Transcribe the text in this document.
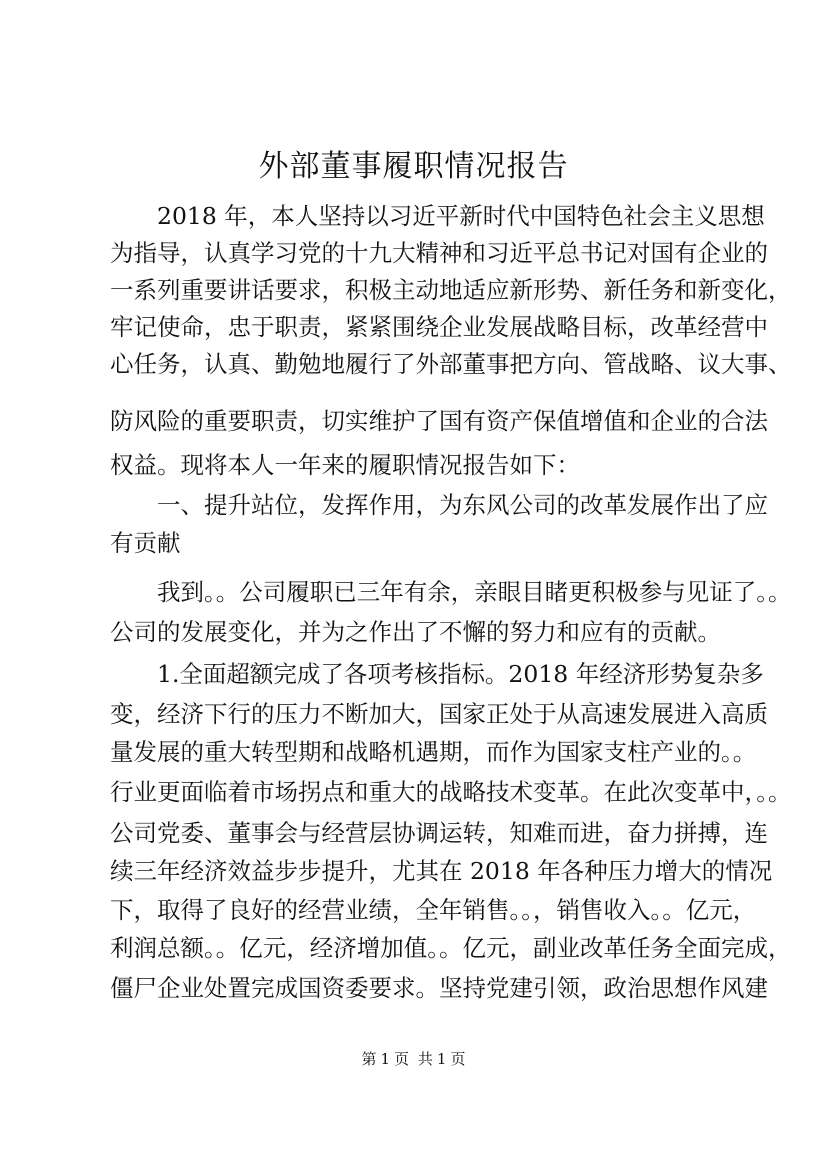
外部董事履职情况报告
2018 年，本人坚持以习近平新时代中国特色社会主义思想
为指导，认真学习党的十九大精神和习近平总书记对国有企业的
一系列重要讲话要求，积极主动地适应新形势、新任务和新变化，
牢记使命，忠于职责，紧紧围绕企业发展战略目标，改革经营中
心任务，认真、勤勉地履行了外部董事把方向、管战略、议大事、
防风险的重要职责，切实维护了国有资产保值增值和企业的合法
权益。现将本人一年来的履职情况报告如下：
一、提升站位，发挥作用，为东风公司的改革发展作出了应
有贡献
我到。。公司履职已三年有余，亲眼目睹更积极参与见证了。。
公司的发展变化，并为之作出了不懈的努力和应有的贡献。
1.全面超额完成了各项考核指标。2018 年经济形势复杂多
变，经济下行的压力不断加大，国家正处于从高速发展进入高质
量发展的重大转型期和战略机遇期，而作为国家支柱产业的。。
行业更面临着市场拐点和重大的战略技术变革。在此次变革中，。。
公司党委、董事会与经营层协调运转，知难而进，奋力拼搏，连
续三年经济效益步步提升，尤其在 2018 年各种压力增大的情况
下，取得了良好的经营业绩，全年销售。。，销售收入。。亿元，
利润总额。。亿元，经济增加值。。亿元，副业改革任务全面完成，
僵尸企业处置完成国资委要求。坚持党建引领，政治思想作风建
第 1 页 共 1 页
